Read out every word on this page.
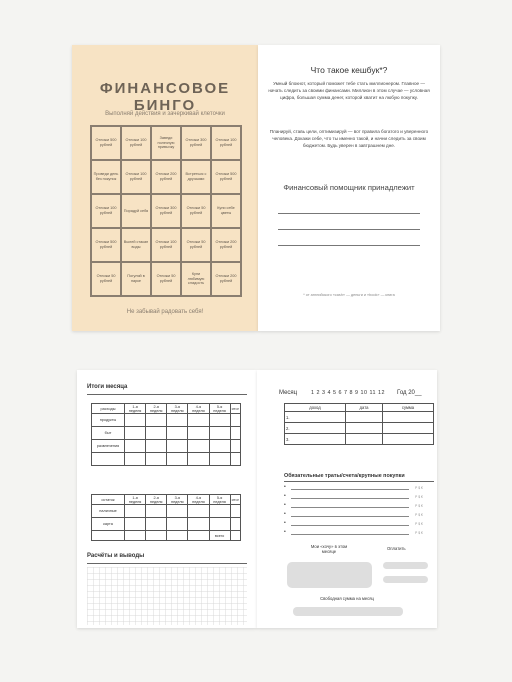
ФИНАНСОВОЕ БИНГО
Выполняй действия и зачеркивай клеточки
Отложи 500 рублей
Отложи 100 рублей
Заведи полезную привычку
Отложи 300 рублей
Отложи 100 рублей
Проведи день без покупок
Отложи 100 рублей
Отложи 200 рублей
Встреться с друзьями
Отложи 500 рублей
Отложи 100 рублей
Порадуй себя
Отложи 300 рублей
Отложи 50 рублей
Купи себе цветы
Отложи 500 рублей
Вылей стакан воды
Отложи 100 рублей
Отложи 50 рублей
Отложи 200 рублей
Отложи 50 рублей
Погуляй в парке
Отложи 50 рублей
Купи любимую сладость
Отложи 200 рублей
Не забывай радовать себя!
Что такое кешбук*?
Умный блокнот, который поможет тебе стать миллионером. Главное — начать следить за своими финансами. Миллион в этом случае — условная цифра, большая сумма денег, которой хватит на любую покупку.
Планируй, ставь цели, оптимизируй — вот правила богатого и уверенного человека. Докажи себе, что ты именно такой, и начни следить за своим бюджетом. Будь уверен в завтрашнем дне.
Финансовый помощник принадлежит
* от английского «cash» — деньги и «book» — книга
Итоги месяца
расходы	1-я неделя	2-я неделя	3-я неделя	4-я неделя	5-я неделя	итог
продукты						
быт						
развлечения						

остаток	1-я неделя	2-я неделя	3-я неделя	4-я неделя	5-я неделя	итог
наличные						
карта						
					всего	
Расчёты и выводы
Месяц	1 2 3 4 5 6 7 8 9 10 11 12 Год 20__
доход	дата	сумма
1.		
2.		
3.		
Обязательные траты/счета/крупные покупки
•	Р $ €
•	Р $ €
•	Р $ €
•	Р $ €
•	Р $ €
•	Р $ €
Мои «хочу» в этом месяце
Оплатить
Свободная сумма на месяц
